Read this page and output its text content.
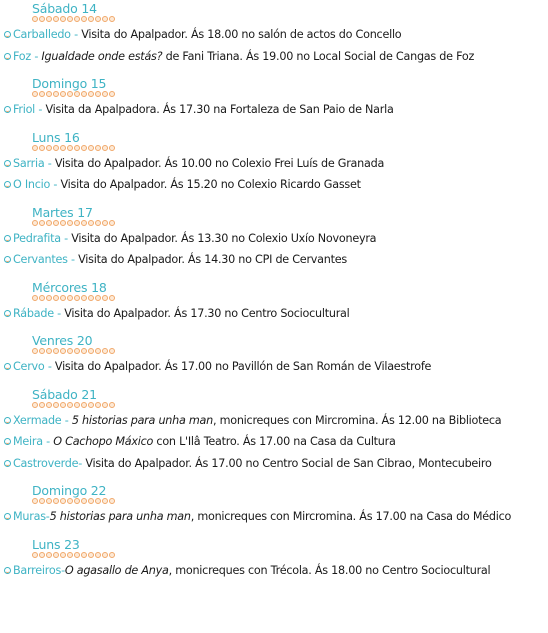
Sábado 14
Carballedo - Visita do Apalpador. Ás 18.00 no salón de actos do Concello
Foz - Igualdade onde estás? de Fani Triana. Ás 19.00 no Local Social de Cangas de Foz
Domingo 15
Friol - Visita da Apalpadora. Ás 17.30 na Fortaleza de San Paio de Narla
Luns 16
Sarria - Visita do Apalpador. Ás 10.00 no Colexio Frei Luís de Granada
O Incio - Visita do Apalpador. Ás 15.20 no Colexio Ricardo Gasset
Martes 17
Pedrafita - Visita do Apalpador. Ás 13.30 no Colexio Uxío Novoneyra
Cervantes - Visita do Apalpador. Ás 14.30 no CPI de Cervantes
Mércores 18
Rábade - Visita do Apalpador. Ás 17.30 no Centro Sociocultural
Venres 20
Cervo - Visita do Apalpador. Ás 17.00 no Pavillón de San Román de Vilaestrofe
Sábado 21
Xermade - 5 historias para unha man, monicreques con Mircromina. Ás 12.00 na Biblioteca
Meira - O Cachopo Máxico con L'Ilâ Teatro. Ás 17.00 na Casa da Cultura
Castroverde- Visita do Apalpador. Ás 17.00 no Centro Social de San Cibrao, Montecubeiro
Domingo 22
Muras-5 historias para unha man, monicreques con Mircromina. Ás 17.00 na Casa do Médico
Luns 23
Barreiros-O agasallo de Anya, monicreques con Trécola. Ás 18.00 no Centro Sociocultural
